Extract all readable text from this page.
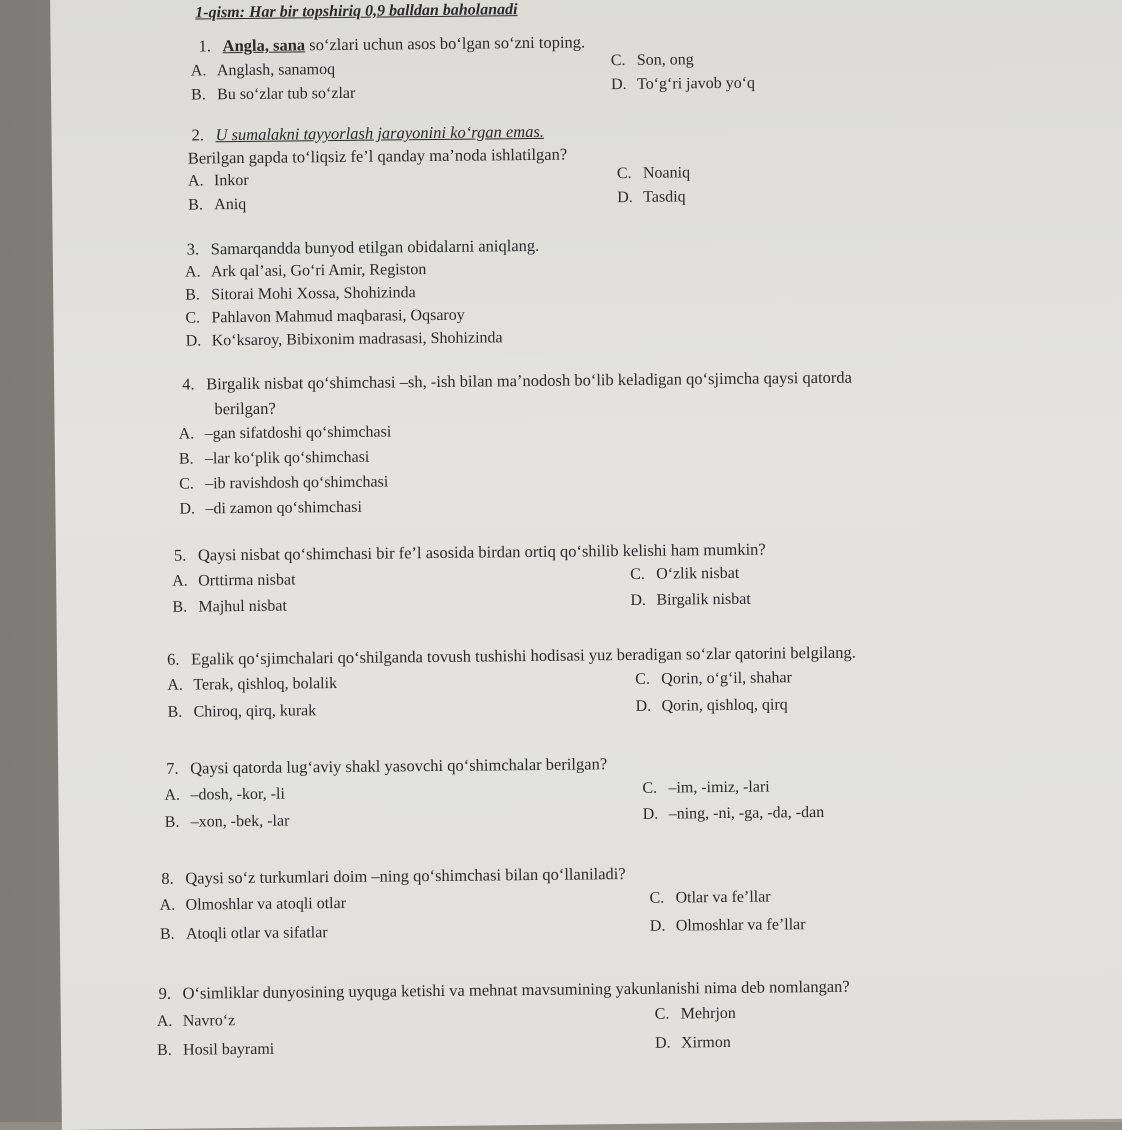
1-qism: Har bir topshiriq 0,9 balldan baholanadi
1. Angla, sana so‘zlari uchun asos bo‘lgan so‘zni toping.
A. Anglash, sanamoq
B. Bu so‘zlar tub so‘zlar
C. Son, ong
D. To‘g‘ri javob yo‘q
2. U sumalakni tayyorlash jarayonini ko‘rgan emas.
Berilgan gapda to‘liqsiz fe’l qanday ma’noda ishlatilgan?
A. Inkor
B. Aniq
C. Noaniq
D. Tasdiq
3. Samarqandda bunyod etilgan obidalarni aniqlang.
A. Ark qal’asi, Go‘ri Amir, Registon
B. Sitorai Mohi Xossa, Shohizinda
C. Pahlavon Mahmud maqbarasi, Oqsaroy
D. Ko‘ksaroy, Bibixonim madrasasi, Shohizinda
4. Birgalik nisbat qo‘shimchasi –sh, -ish bilan ma’nodosh bo‘lib keladigan qo‘sjimcha qaysi qatorda
berilgan?
A. –gan sifatdoshi qo‘shimchasi
B. –lar ko‘plik qo‘shimchasi
C. –ib ravishdosh qo‘shimchasi
D. –di zamon qo‘shimchasi
5. Qaysi nisbat qo‘shimchasi bir fe’l asosida birdan ortiq qo‘shilib kelishi ham mumkin?
A. Orttirma nisbat
B. Majhul nisbat
C. O‘zlik nisbat
D. Birgalik nisbat
6. Egalik qo‘sjimchalari qo‘shilganda tovush tushishi hodisasi yuz beradigan so‘zlar qatorini belgilang.
A. Terak, qishloq, bolalik
B. Chiroq, qirq, kurak
C. Qorin, o‘g‘il, shahar
D. Qorin, qishloq, qirq
7. Qaysi qatorda lug‘aviy shakl yasovchi qo‘shimchalar berilgan?
A. –dosh, -kor, -li
B. –xon, -bek, -lar
C. –im, -imiz, -lari
D. –ning, -ni, -ga, -da, -dan
8. Qaysi so‘z turkumlari doim –ning qo‘shimchasi bilan qo‘llaniladi?
A. Olmoshlar va atoqli otlar
B. Atoqli otlar va sifatlar
C. Otlar va fe’llar
D. Olmoshlar va fe’llar
9. O‘simliklar dunyosining uyquga ketishi va mehnat mavsumining yakunlanishi nima deb nomlangan?
A. Navro‘z
B. Hosil bayrami
C. Mehrjon
D. Xirmon
